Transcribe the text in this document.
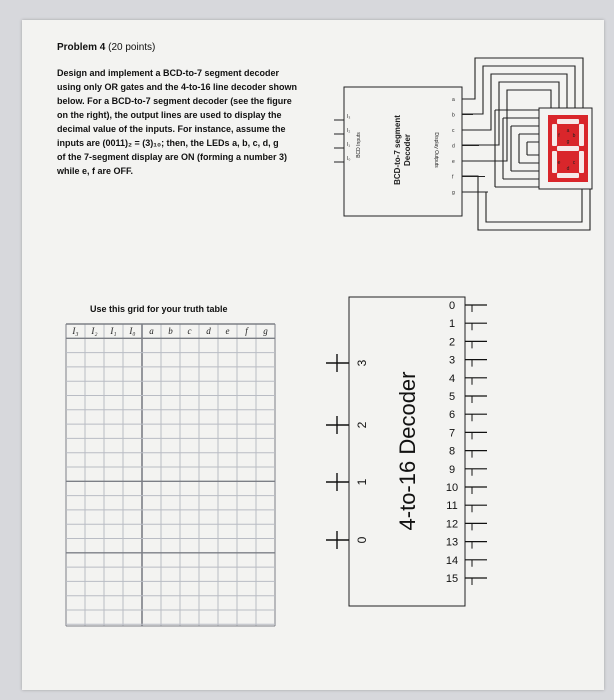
Problem 4 (20 points)
Design and implement a BCD-to-7 segment decoder
using only OR gates and the 4-to-16 line decoder shown
below. For a BCD-to-7 segment decoder (see the figure
on the right), the output lines are used to display the
decimal value of the inputs. For instance, assume the
inputs are (0011)₂ = (3)₁₀; then, the LEDs a, b, c, d, g
of the 7-segment display are ON (forming a number 3)
while e, f are OFF.
Use this grid for your truth table
I₃
I₂
I₁
I₀
BCD Inputs	BCD-to-7 segment Decoder	Display Outputs
a
b
c
d
e
f
g
a
b
c
d
e
f
g
I₃ I₂ I₁ I₀ a b c d e f g
4-to-16 Decoder
3
2
1
0
0
1
2
3
4
5
6
7
8
9
10
11
12
13
14
15
